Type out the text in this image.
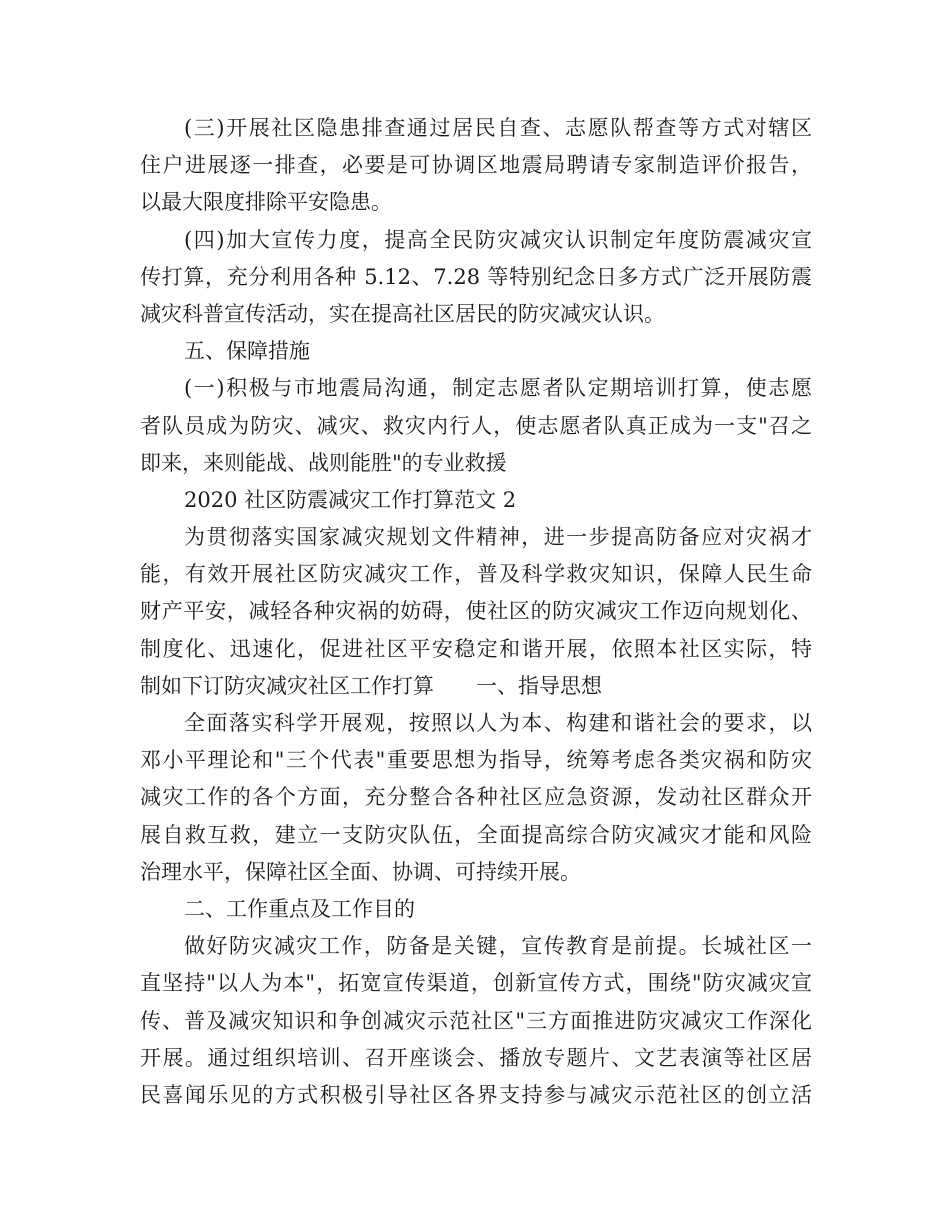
(三)开展社区隐患排查通过居民自查、志愿队帮查等方式对辖区
住户进展逐一排查，必要是可协调区地震局聘请专家制造评价报告，
以最大限度排除平安隐患。
(四)加大宣传力度，提高全民防灾减灾认识制定年度防震减灾宣
传打算，充分利用各种 5.12、7.28 等特别纪念日多方式广泛开展防震
减灾科普宣传活动，实在提高社区居民的防灾减灾认识。
五、保障措施
(一)积极与市地震局沟通，制定志愿者队定期培训打算，使志愿
者队员成为防灾、减灾、救灾内行人，使志愿者队真正成为一支"召之
即来，来则能战、战则能胜"的专业救援
2020 社区防震减灾工作打算范文 2
为贯彻落实国家减灾规划文件精神，进一步提高防备应对灾祸才
能，有效开展社区防灾减灾工作，普及科学救灾知识，保障人民生命
财产平安，减轻各种灾祸的妨碍，使社区的防灾减灾工作迈向规划化、
制度化、迅速化，促进社区平安稳定和谐开展，依照本社区实际，特
制如下订防灾减灾社区工作打算　　一、指导思想
全面落实科学开展观，按照以人为本、构建和谐社会的要求，以
邓小平理论和"三个代表"重要思想为指导，统筹考虑各类灾祸和防灾
减灾工作的各个方面，充分整合各种社区应急资源，发动社区群众开
展自救互救，建立一支防灾队伍，全面提高综合防灾减灾才能和风险
治理水平，保障社区全面、协调、可持续开展。
二、工作重点及工作目的
做好防灾减灾工作，防备是关键，宣传教育是前提。长城社区一
直坚持"以人为本"，拓宽宣传渠道，创新宣传方式，围绕"防灾减灾宣
传、普及减灾知识和争创减灾示范社区"三方面推进防灾减灾工作深化
开展。通过组织培训、召开座谈会、播放专题片、文艺表演等社区居
民喜闻乐见的方式积极引导社区各界支持参与减灾示范社区的创立活
